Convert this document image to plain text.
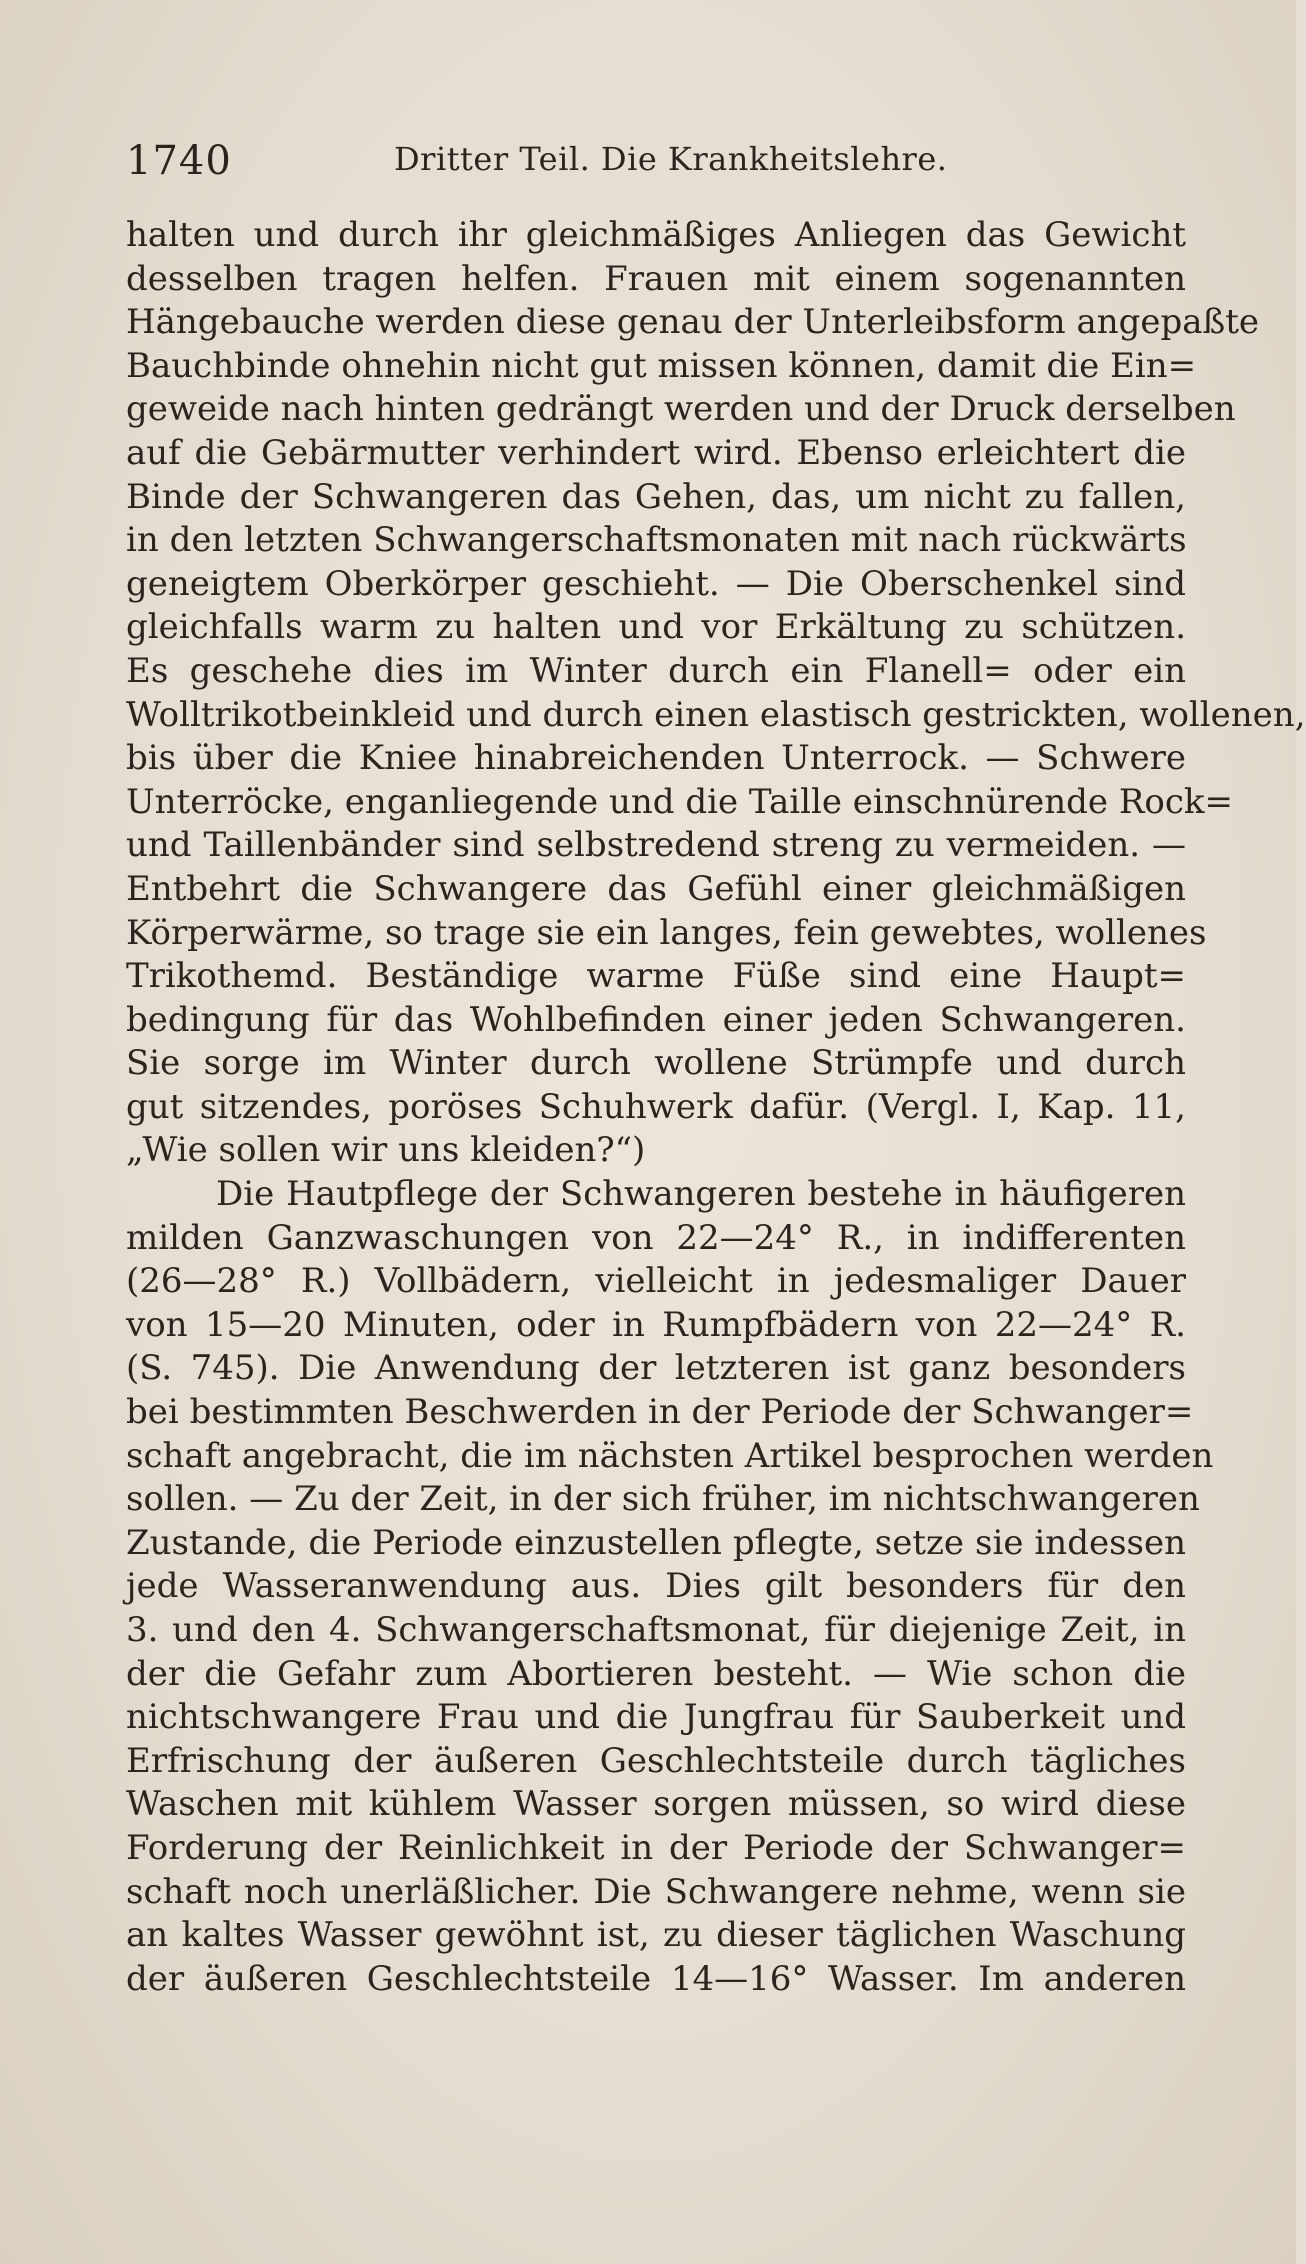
1740	Dritter Teil. Die Krankheitslehre.
halten und durch ihr gleichmäßiges Anliegen das Gewicht
desselben tragen helfen. Frauen mit einem sogenannten
Hängebauche werden diese genau der Unterleibsform angepaßte
Bauchbinde ohnehin nicht gut missen können, damit die Ein=
geweide nach hinten gedrängt werden und der Druck derselben
auf die Gebärmutter verhindert wird. Ebenso erleichtert die
Binde der Schwangeren das Gehen, das, um nicht zu fallen,
in den letzten Schwangerschaftsmonaten mit nach rückwärts
geneigtem Oberkörper geschieht. — Die Oberschenkel sind
gleichfalls warm zu halten und vor Erkältung zu schützen.
Es geschehe dies im Winter durch ein Flanell= oder ein
Wolltrikotbeinkleid und durch einen elastisch gestrickten, wollenen,
bis über die Kniee hinabreichenden Unterrock. — Schwere
Unterröcke, enganliegende und die Taille einschnürende Rock=
und Taillenbänder sind selbstredend streng zu vermeiden. —
Entbehrt die Schwangere das Gefühl einer gleichmäßigen
Körperwärme, so trage sie ein langes, fein gewebtes, wollenes
Trikothemd. Beständige warme Füße sind eine Haupt=
bedingung für das Wohlbefinden einer jeden Schwangeren.
Sie sorge im Winter durch wollene Strümpfe und durch
gut sitzendes, poröses Schuhwerk dafür. (Vergl. I, Kap. 11,
„Wie sollen wir uns kleiden?“)
Die Hautpflege der Schwangeren bestehe in häufigeren
milden Ganzwaschungen von 22—24° R., in indifferenten
(26—28° R.) Vollbädern, vielleicht in jedesmaliger Dauer
von 15—20 Minuten, oder in Rumpfbädern von 22—24° R.
(S. 745). Die Anwendung der letzteren ist ganz besonders
bei bestimmten Beschwerden in der Periode der Schwanger=
schaft angebracht, die im nächsten Artikel besprochen werden
sollen. — Zu der Zeit, in der sich früher, im nichtschwangeren
Zustande, die Periode einzustellen pflegte, setze sie indessen
jede Wasseranwendung aus. Dies gilt besonders für den
3. und den 4. Schwangerschaftsmonat, für diejenige Zeit, in
der die Gefahr zum Abortieren besteht. — Wie schon die
nichtschwangere Frau und die Jungfrau für Sauberkeit und
Erfrischung der äußeren Geschlechtsteile durch tägliches
Waschen mit kühlem Wasser sorgen müssen, so wird diese
Forderung der Reinlichkeit in der Periode der Schwanger=
schaft noch unerläßlicher. Die Schwangere nehme, wenn sie
an kaltes Wasser gewöhnt ist, zu dieser täglichen Waschung
der äußeren Geschlechtsteile 14—16° Wasser. Im anderen
